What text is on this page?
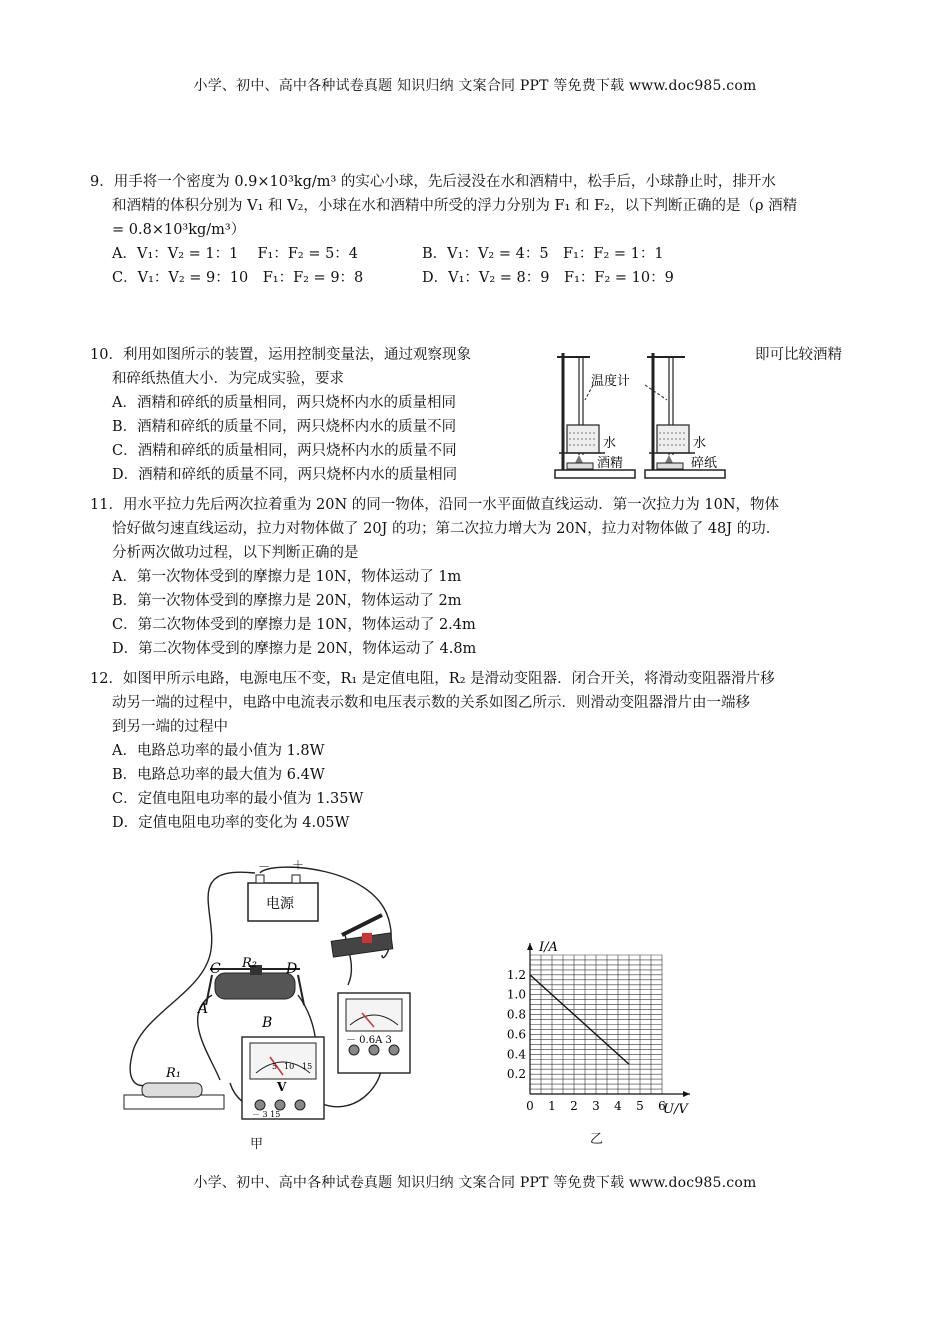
小学、初中、高中各种试卷真题 知识归纳 文案合同 PPT 等免费下载 www.doc985.com
9．用手将一个密度为 0.9×10³kg/m³ 的实心小球，先后浸没在水和酒精中，松手后，小球静止时，排开水
和酒精的体积分别为 V₁ 和 V₂，小球在水和酒精中所受的浮力分别为 F₁ 和 F₂，以下判断正确的是（ρ 酒精
= 0.8×10³kg/m³）
A．V₁：V₂ = 1：1　 F₁：F₂ = 5：4	B．V₁：V₂ = 4：5　F₁：F₂ = 1：1
C．V₁：V₂ = 9：10　F₁：F₂ = 9：8	D．V₁：V₂ = 8：9　F₁：F₂ = 10：9
10．利用如图所示的装置，运用控制变量法，通过观察现象
和碎纸热值大小．为完成实验，要求
A．酒精和碎纸的质量相同，两只烧杯内水的质量相同
B．酒精和碎纸的质量不同，两只烧杯内水的质量不同
C．酒精和碎纸的质量相同，两只烧杯内水的质量不同
D．酒精和碎纸的质量不同，两只烧杯内水的质量相同
即可比较酒精
温度计
水
酒精
水
碎纸
11．用水平拉力先后两次拉着重为 20N 的同一物体，沿同一水平面做直线运动．第一次拉力为 10N，物体
恰好做匀速直线运动，拉力对物体做了 20J 的功；第二次拉力增大为 20N，拉力对物体做了 48J 的功．
分析两次做功过程，以下判断正确的是
A．第一次物体受到的摩擦力是 10N，物体运动了 1m
B．第一次物体受到的摩擦力是 20N，物体运动了 2m
C．第二次物体受到的摩擦力是 10N，物体运动了 2.4m
D．第二次物体受到的摩擦力是 20N，物体运动了 4.8m
12．如图甲所示电路，电源电压不变，R₁ 是定值电阻，R₂ 是滑动变阻器．闭合开关，将滑动变阻器滑片移
动另一端的过程中，电路中电流表示数和电压表示数的关系如图乙所示．则滑动变阻器滑片由一端移
到另一端的过程中
A．电路总功率的最小值为 1.8W
B．电路总功率的最大值为 6.4W
C．定值电阻电功率的最小值为 1.35W
D．定值电阻电功率的变化为 4.05W
－ ＋
电源
C R₂ D
A
B
R₁	5 10 15
V
－ 3 15
－ 0.6A 3
甲
0.2
0.4
0.6
0.8
1.0
1.2
0 1 2 3 4 5 6
I/A
U/V
乙
小学、初中、高中各种试卷真题 知识归纳 文案合同 PPT 等免费下载 www.doc985.com
